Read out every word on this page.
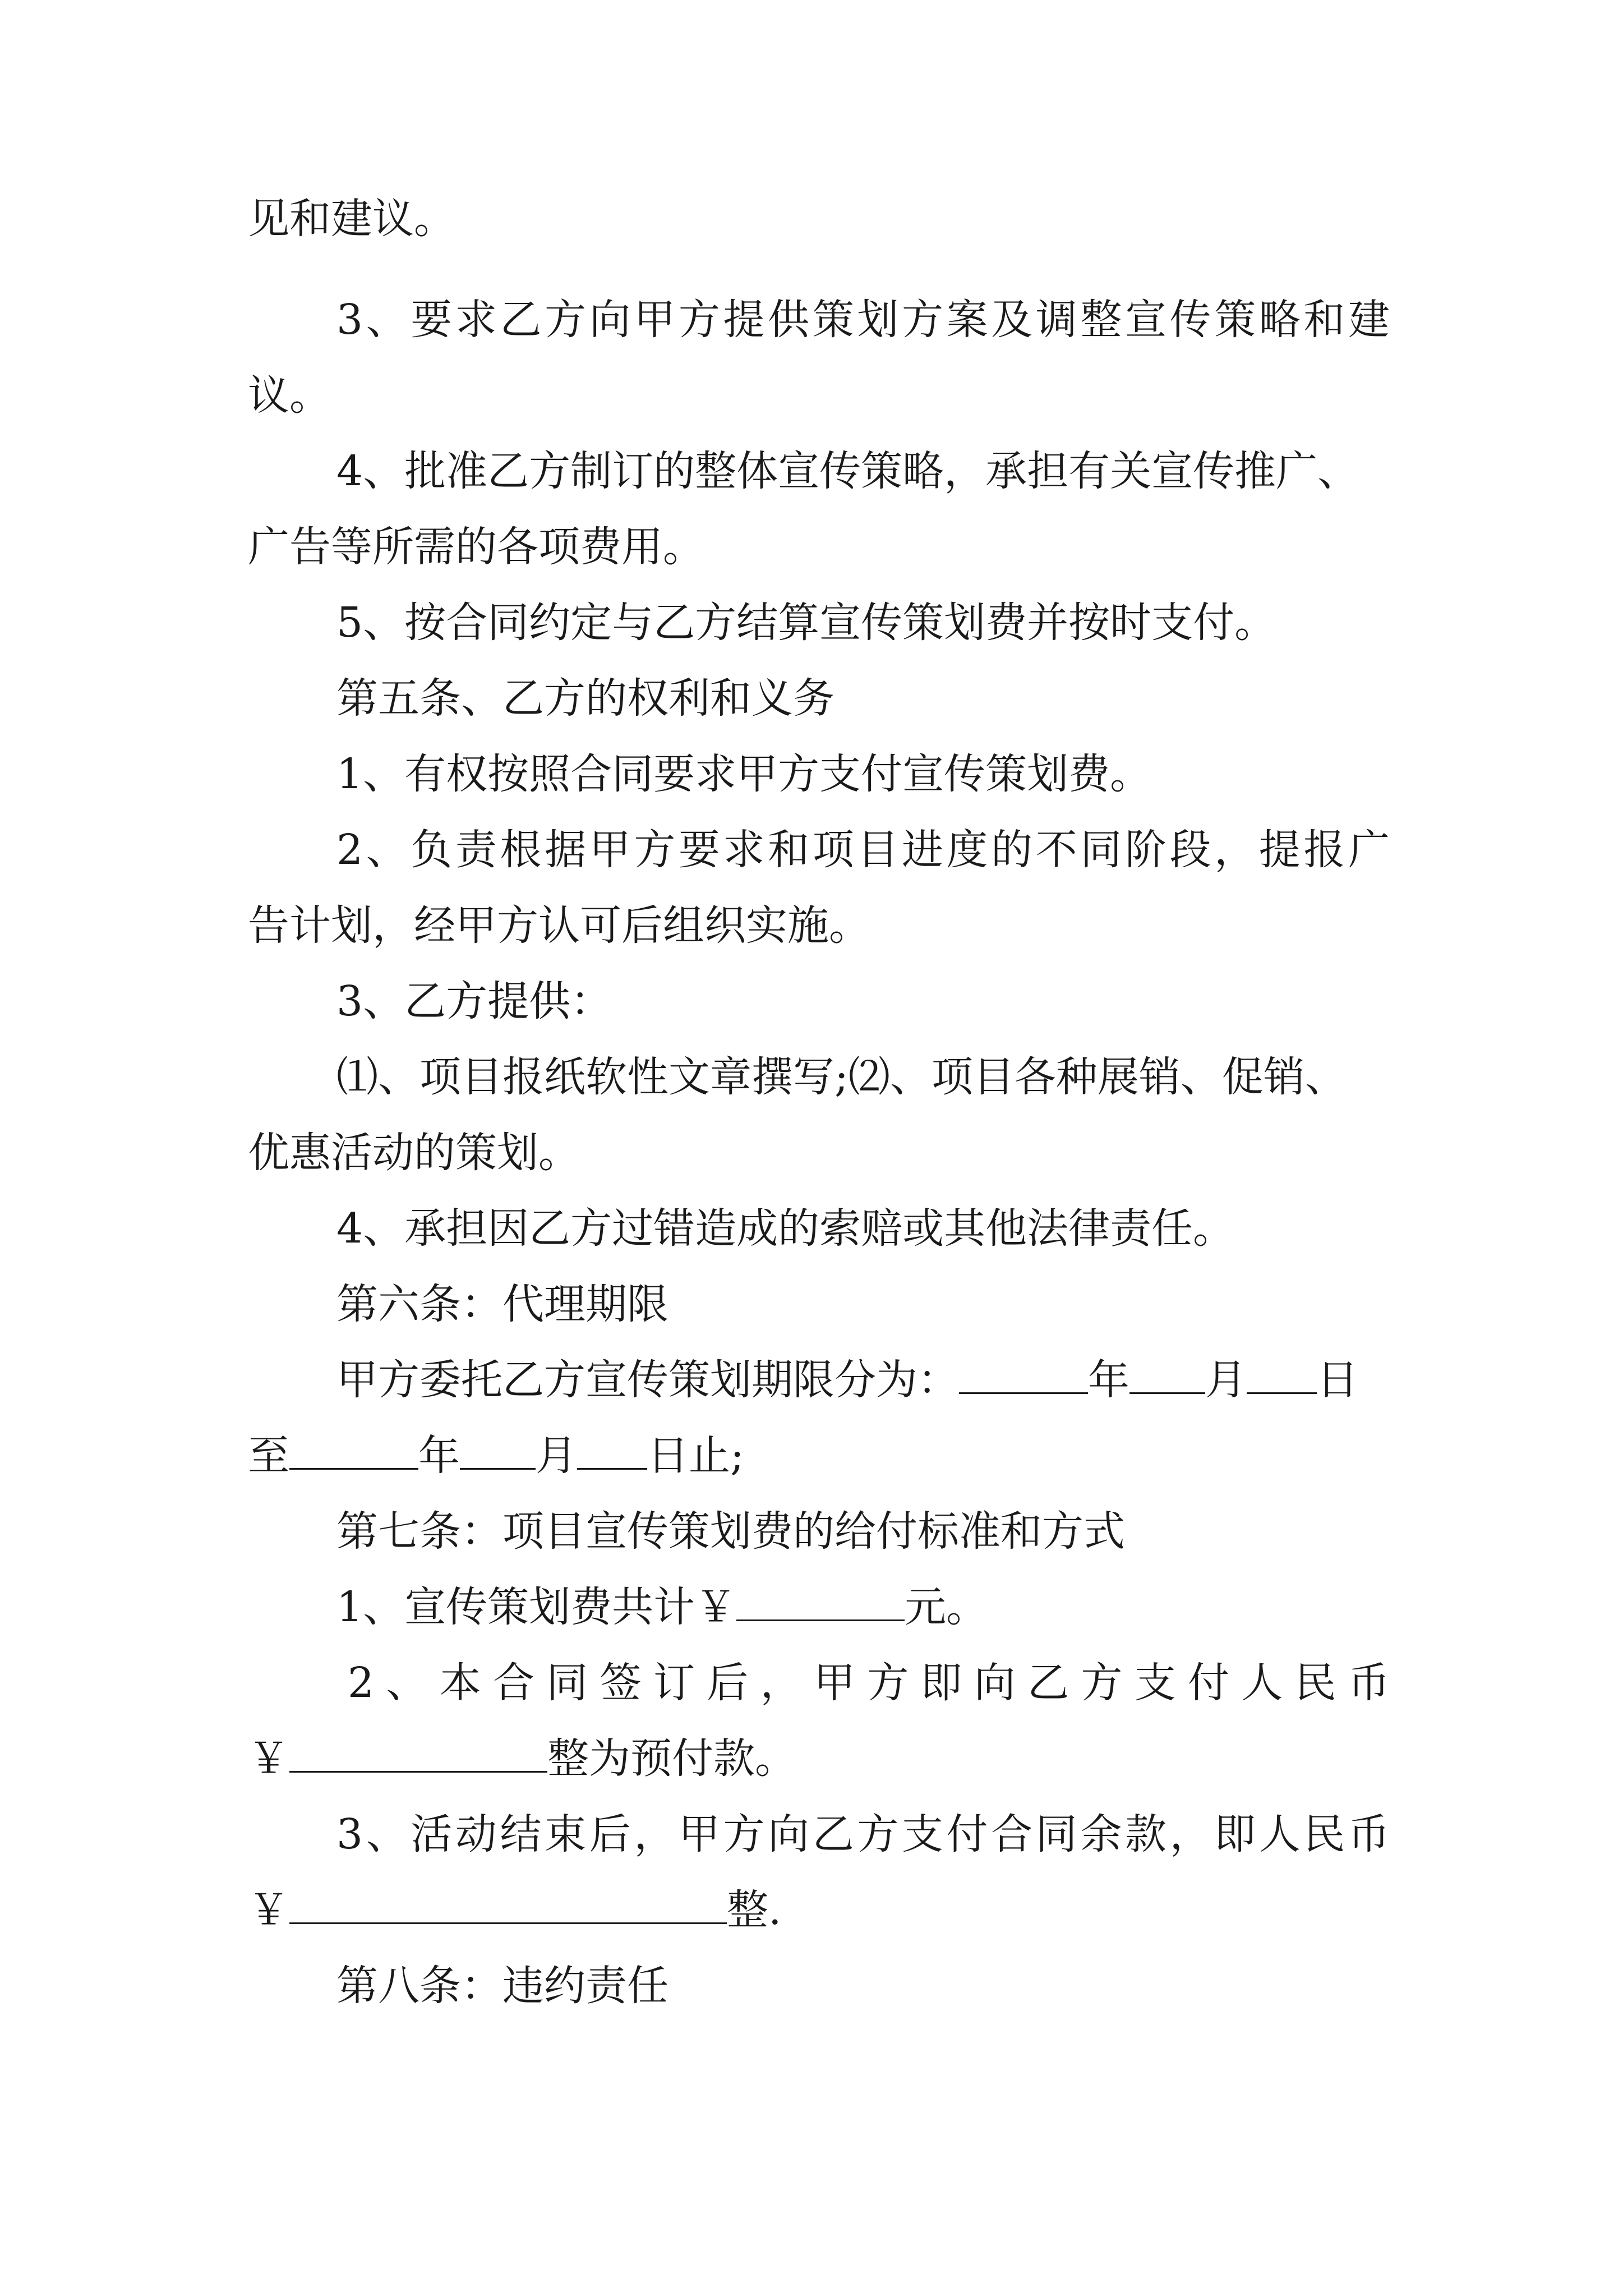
见和建议。
3、要求乙方向甲方提供策划方案及调整宣传策略和建
议。
4、批准乙方制订的整体宣传策略，承担有关宣传推广、
广告等所需的各项费用。
5、按合同约定与乙方结算宣传策划费并按时支付。
第五条、乙方的权利和义务
1、有权按照合同要求甲方支付宣传策划费。
2、负责根据甲方要求和项目进度的不同阶段，提报广
告计划，经甲方认可后组织实施。
3、乙方提供：
⑴、项目报纸软性文章撰写;⑵、项目各种展销、促销、
优惠活动的策划。
4、承担因乙方过错造成的索赔或其他法律责任。
第六条：代理期限
甲方委托乙方宣传策划期限分为：	年 月 日
至	年 月 日止;
第七条：项目宣传策划费的给付标准和方式
1、宣传策划费共计￥	元。
2、本合同签订后，甲方即向乙方支付人民币
￥	整为预付款。
3、活动结束后，甲方向乙方支付合同余款，即人民币
￥	整.
第八条：违约责任
